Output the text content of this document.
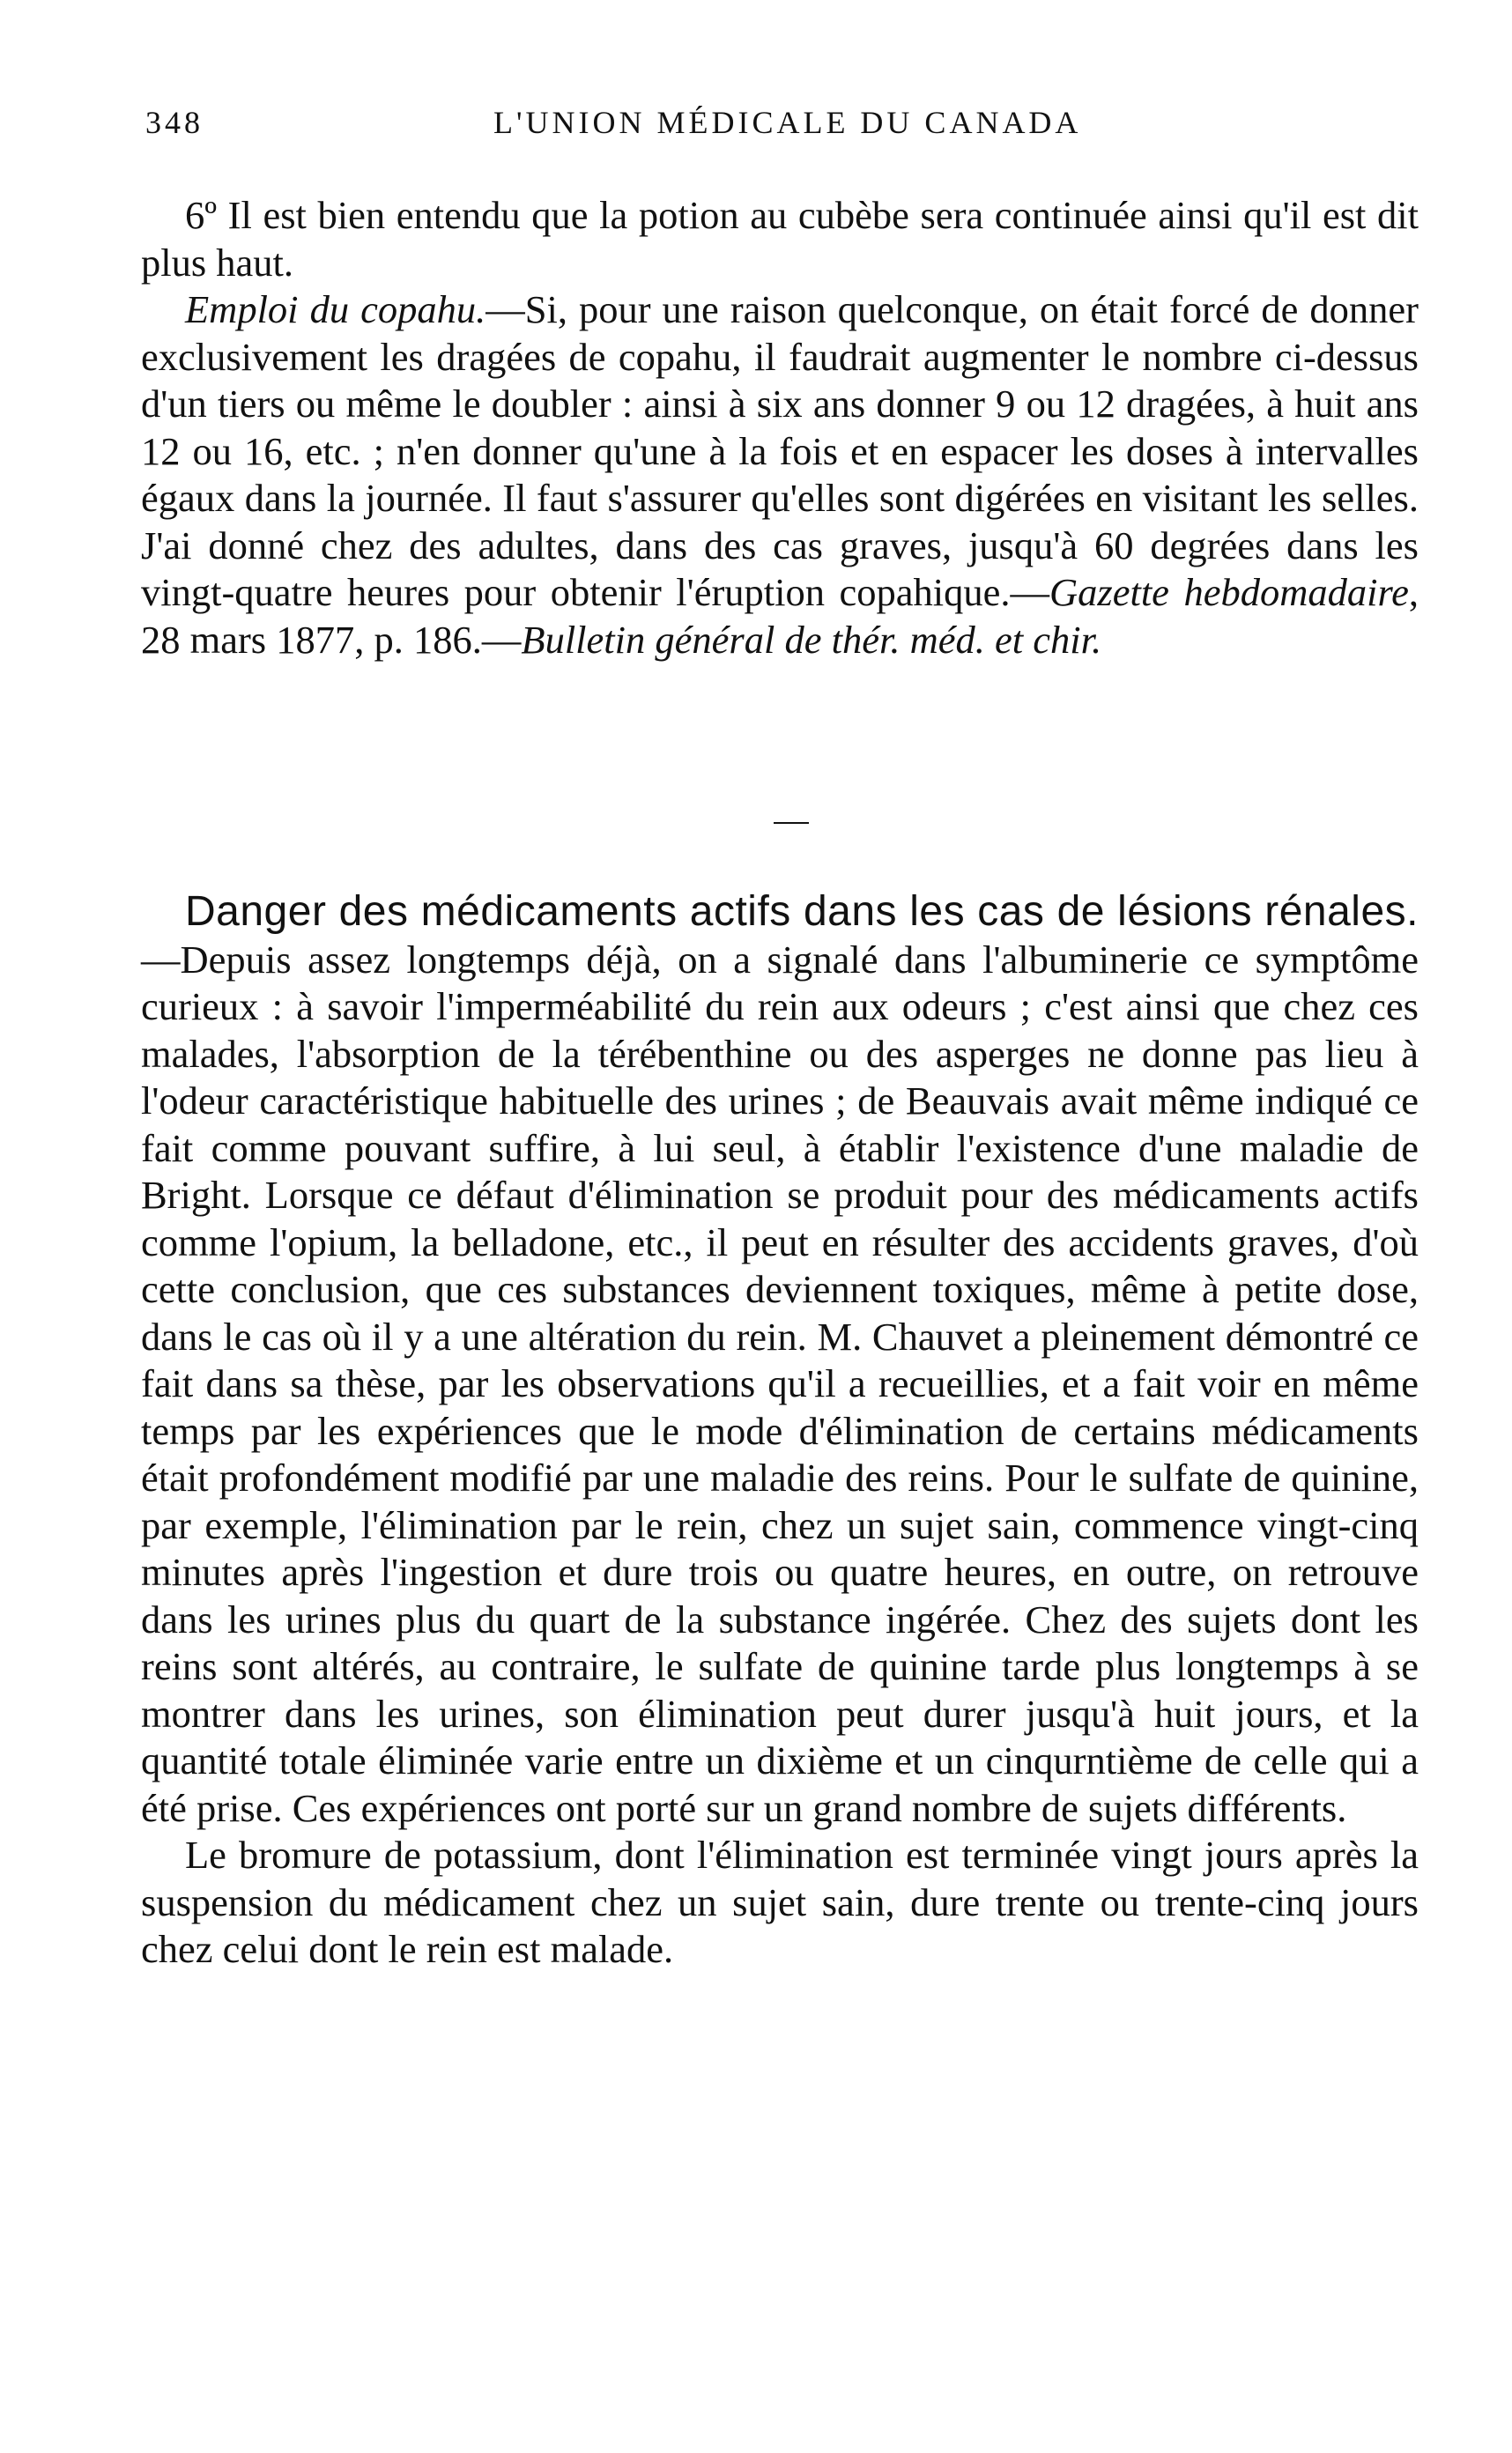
348	L'UNION MÉDICALE DU CANADA

6º Il est bien entendu que la potion au cubèbe sera continuée ainsi qu'il est dit plus haut.

Emploi du copahu.—Si, pour une raison quelconque, on était forcé de donner exclusivement les dragées de copahu, il faudrait augmenter le nombre ci-dessus d'un tiers ou même le doubler : ainsi à six ans donner 9 ou 12 dragées, à huit ans 12 ou 16, etc. ; n'en donner qu'une à la fois et en espacer les doses à intervalles égaux dans la journée. Il faut s'assurer qu'elles sont digérées en visitant les selles. J'ai donné chez des adultes, dans des cas graves, jusqu'à 60 degrées dans les vingt-quatre heures pour obtenir l'éruption copahique.—Gazette hebdomadaire, 28 mars 1877, p. 186.—Bulletin général de thér. méd. et chir.

Danger des médicaments actifs dans les cas de lésions rénales.—Depuis assez longtemps déjà, on a signalé dans l'albuminerie ce symptôme curieux : à savoir l'imperméabilité du rein aux odeurs ; c'est ainsi que chez ces malades, l'absorption de la térébenthine ou des asperges ne donne pas lieu à l'odeur caractéristique habituelle des urines ; de Beauvais avait même indiqué ce fait comme pouvant suffire, à lui seul, à établir l'existence d'une maladie de Bright. Lorsque ce défaut d'élimination se produit pour des médicaments actifs comme l'opium, la belladone, etc., il peut en résulter des accidents graves, d'où cette conclusion, que ces substances deviennent toxiques, même à petite dose, dans le cas où il y a une altération du rein. M. Chauvet a pleinement démontré ce fait dans sa thèse, par les observations qu'il a recueillies, et a fait voir en même temps par les expériences que le mode d'élimination de certains médicaments était profondément modifié par une maladie des reins. Pour le sulfate de quinine, par exemple, l'élimination par le rein, chez un sujet sain, commence vingt-cinq minutes après l'ingestion et dure trois ou quatre heures, en outre, on retrouve dans les urines plus du quart de la substance ingérée. Chez des sujets dont les reins sont altérés, au contraire, le sulfate de quinine tarde plus longtemps à se montrer dans les urines, son élimination peut durer jusqu'à huit jours, et la quantité totale éliminée varie entre un dixième et un cinqurntième de celle qui a été prise. Ces expériences ont porté sur un grand nombre de sujets différents.

Le bromure de potassium, dont l'élimination est terminée vingt jours après la suspension du médicament chez un sujet sain, dure trente ou trente-cinq jours chez celui dont le rein est malade.
